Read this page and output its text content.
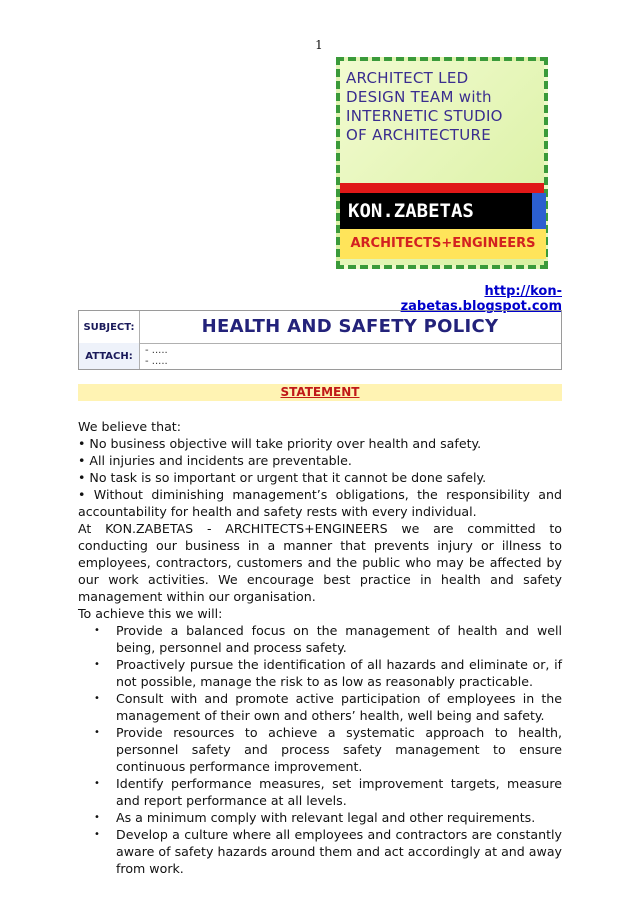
1
ARCHITECT LED
DESIGN TEAM with
INTERNETIC STUDIO
OF ARCHITECTURE
KON.ZABETAS
ARCHITECTS+ENGINEERS
http://kon-zabetas.blogspot.com
SUBJECT:	HEALTH AND SAFETY POLICY
ATTACH:	- .....
- .....
STATEMENT

We believe that:

• No business objective will take priority over health and safety.

• All injuries and incidents are preventable.

• No task is so important or urgent that it cannot be done safely.

• Without diminishing management’s obligations, the responsibility and accountability for health and safety rests with every individual.

At KON.ZABETAS - ARCHITECTS+ENGINEERS we are committed to conducting our business in a manner that prevents injury or illness to employees, contractors, customers and the public who may be affected by our work activities. We encourage best practice in health and safety management within our organisation.

To achieve this we will:

• Provide a balanced focus on the management of health and well being, personnel and process safety.
• Proactively pursue the identification of all hazards and eliminate or, if not possible, manage the risk to as low as reasonably practicable.
• Consult with and promote active participation of employees in the management of their own and others’ health, well being and safety.
• Provide resources to achieve a systematic approach to health, personnel safety and process safety management to ensure continuous performance improvement.
• Identify performance measures, set improvement targets, measure and report performance at all levels.
• As a minimum comply with relevant legal and other requirements.
• Develop a culture where all employees and contractors are constantly aware of safety hazards around them and act accordingly at and away from work.
